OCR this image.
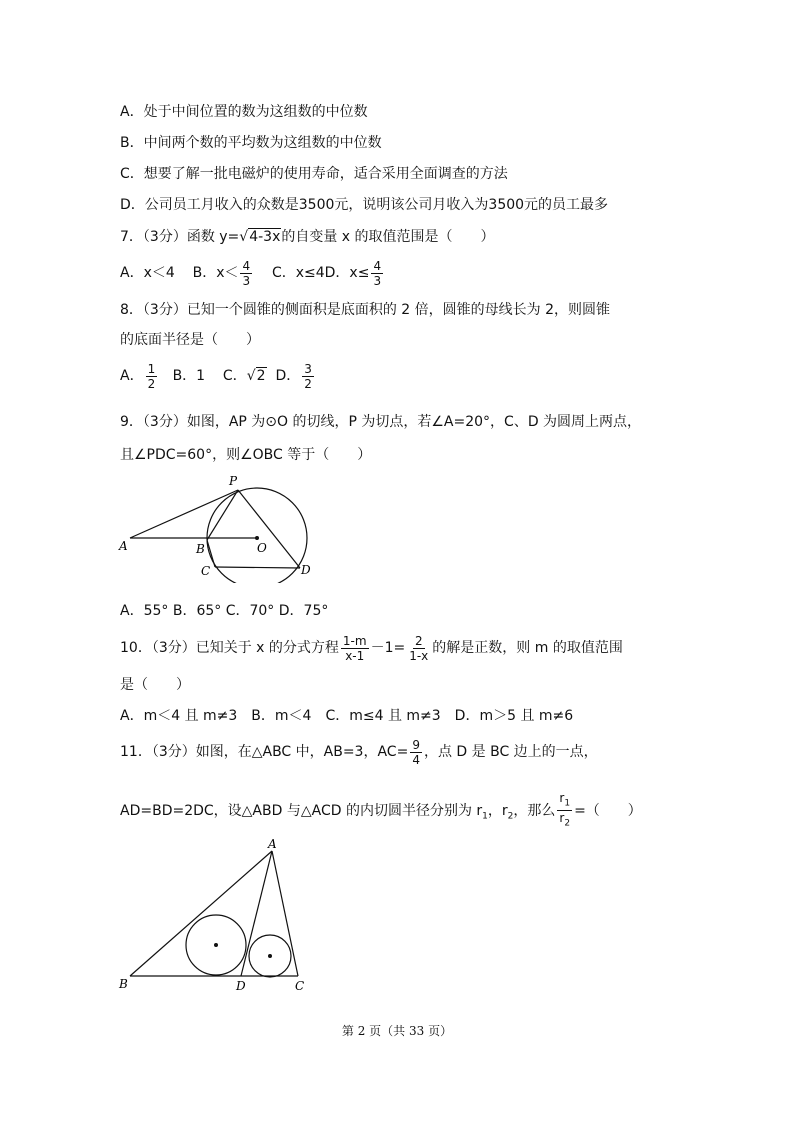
A．处于中间位置的数为这组数的中位数
B．中间两个数的平均数为这组数的中位数
C．想要了解一批电磁炉的使用寿命，适合采用全面调查的方法
D．公司员工月收入的众数是3500元，说明该公司月收入为3500元的员工最多
7．（3分）函数 y=√4-3x的自变量 x 的取值范围是（　　）
A．x＜4 B．$x< \frac{4}{3}$ C．x≤4D．$x\le \frac{4}{3}$
8．（3分）已知一个圆锥的侧面积是底面积的 2 倍，圆锥的母线长为 2，则圆锥
的底面半径是（　　）
A． $\frac{1}{2}$ B．1 C．√2 D． $\frac{3}{2}$
9．（3分）如图，AP 为⊙O 的切线，P 为切点，若∠A=20°，C、D 为圆周上两点，
且∠PDC=60°，则∠OBC 等于（　　）
P
A	B	O
C	D
A．55° B．65° C．70° D．75°
10．（3分）已知关于 x 的分式方程 $\frac{1-m}{x-1} -1= \frac{2}{1-x}$ 的解是正数，则 m 的取值范围
是（　　）
A．m＜4 且 m≠3　B．m＜4　C．m≤4 且 m≠3　D．m＞5 且 m≠6
11．（3分）如图，在△ABC 中，AB=3，$AC= \frac{9}{4}$ ，点 D 是 BC 边上的一点，
AD=BD=2DC，设△ABD 与△ACD 的内切圆半径分别为 $r_1$，$r_2$，那么 $\frac{r_1}{r_2}$ =（　　）
A
B	D	C
第 2 页（共 33 页）
